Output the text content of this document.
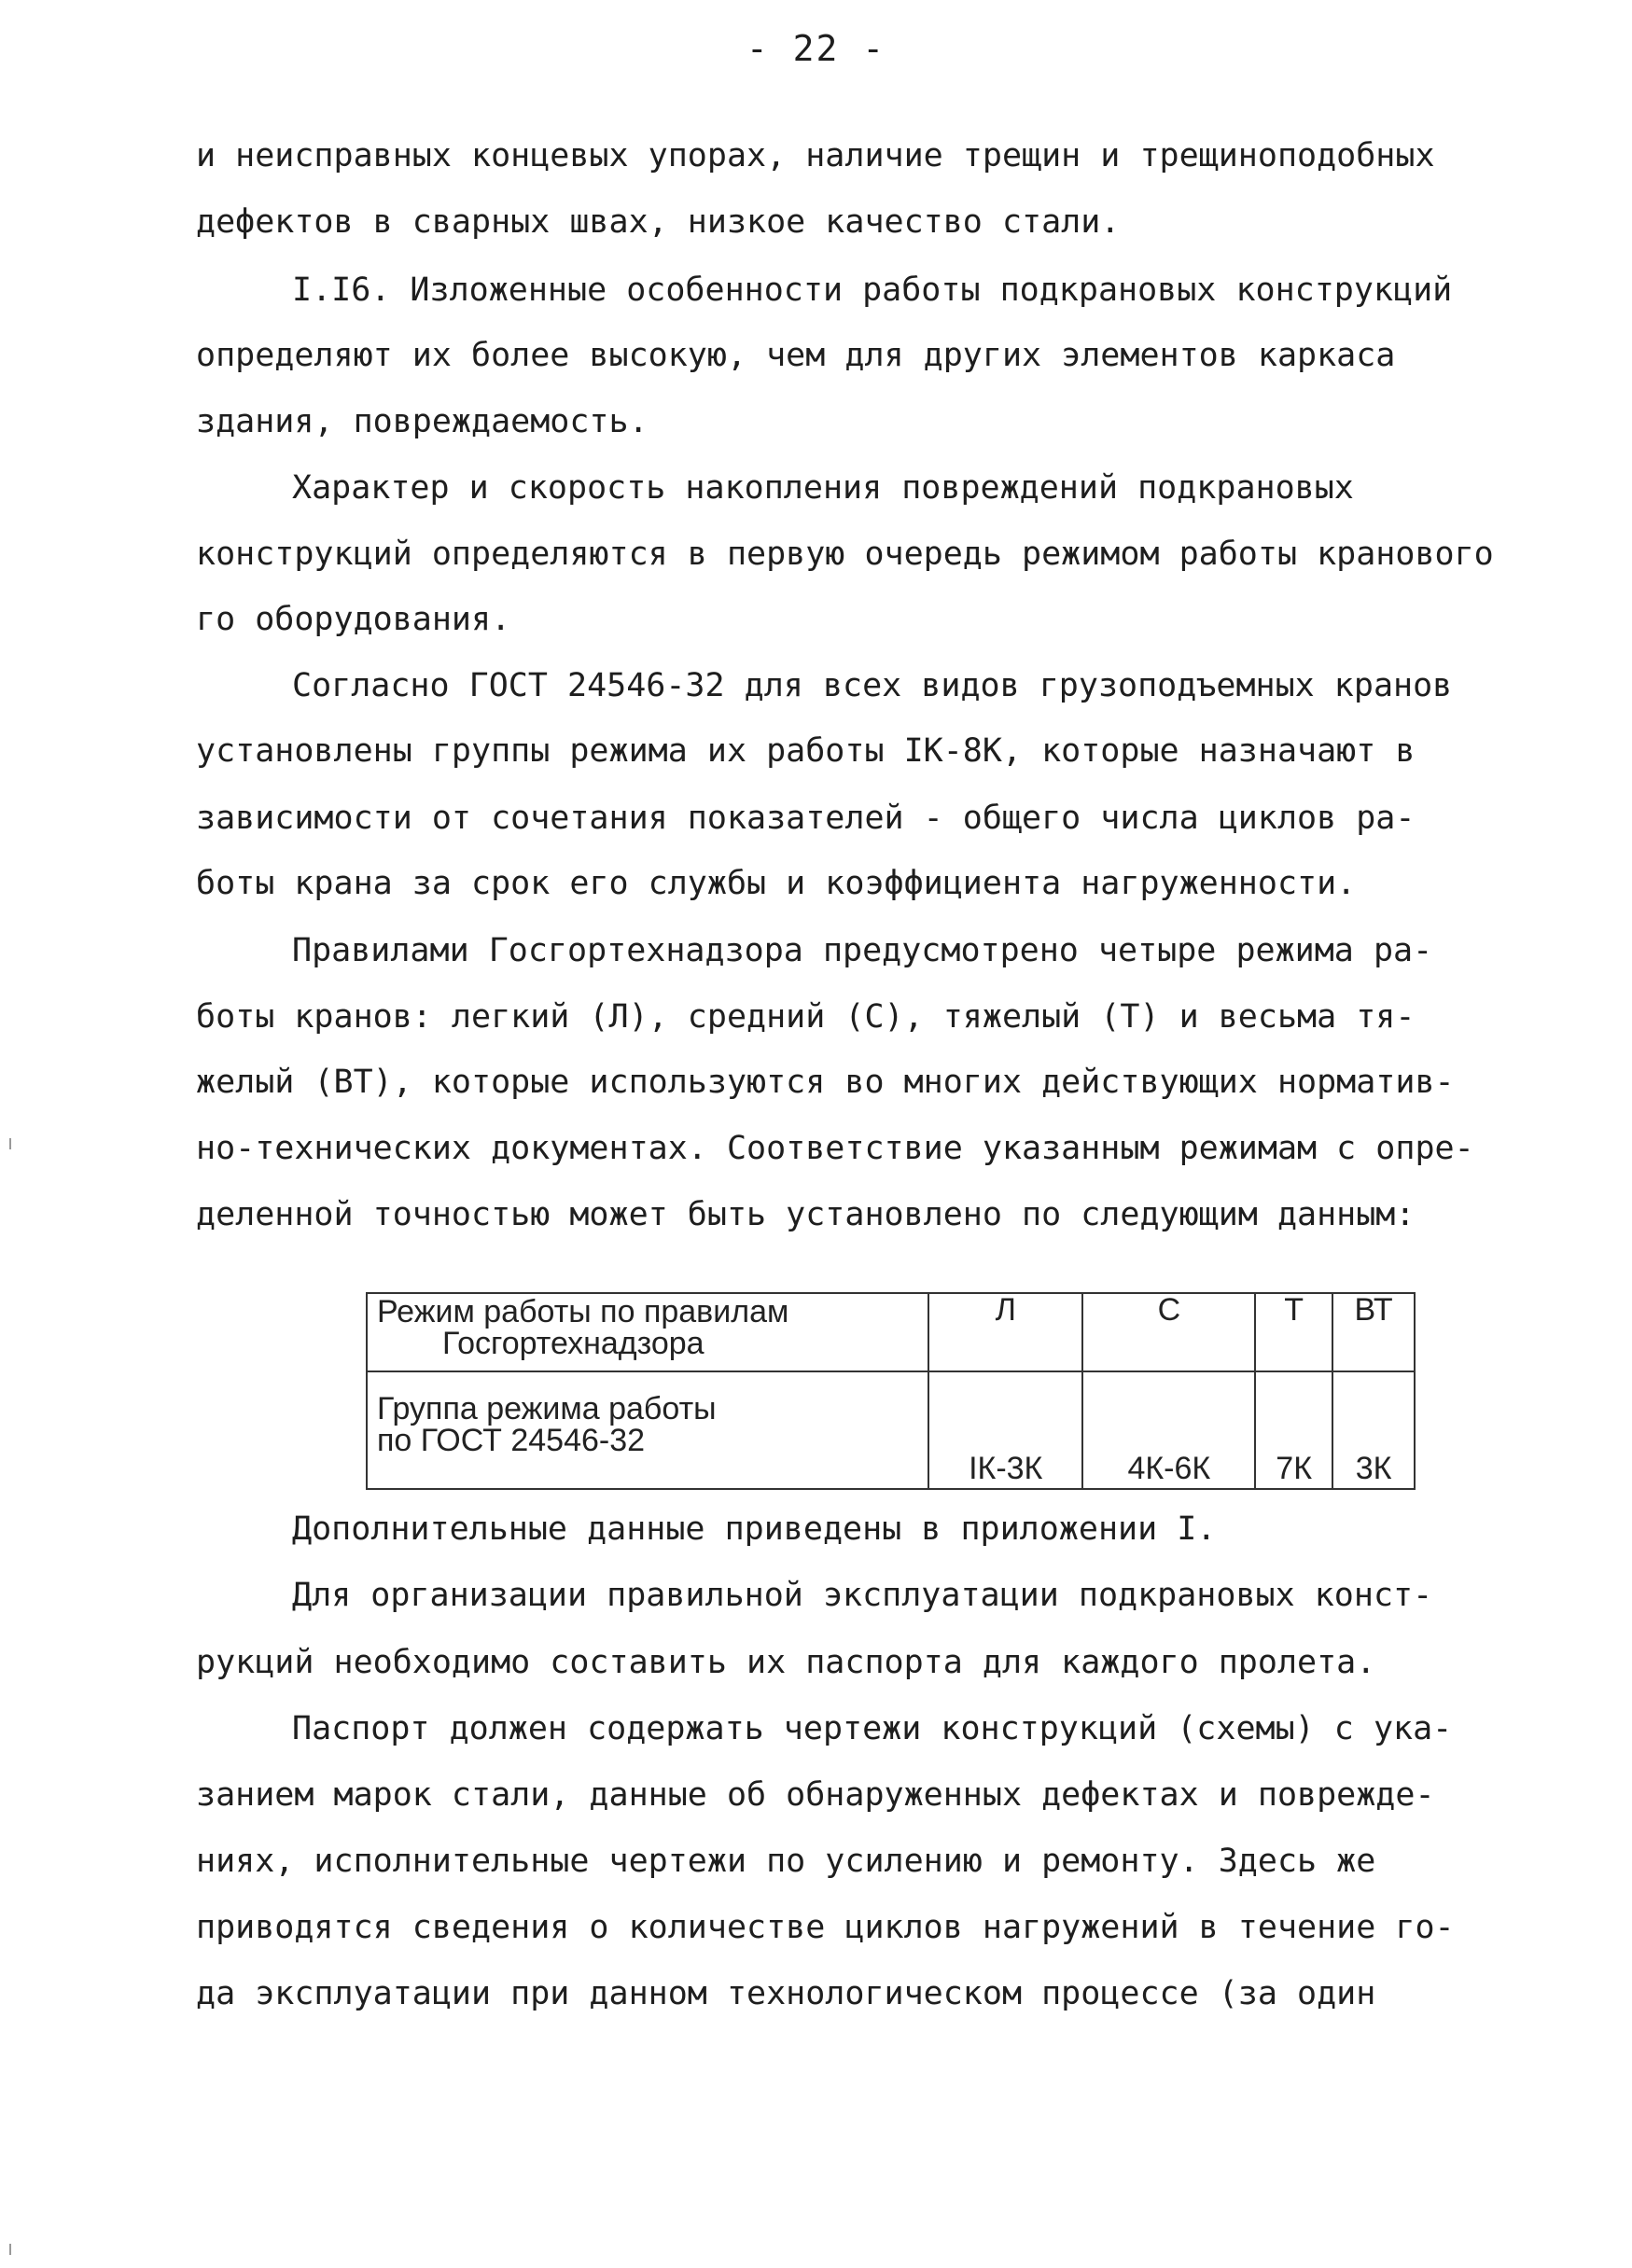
- 22 -
и неисправных концевых упорах, наличие трещин и трещиноподобных
дефектов в сварных швах, низкое качество стали.
I.I6. Изложенные особенности работы подкрановых конструкций
определяют их более высокую, чем для других элементов каркаса
здания, повреждаемость.
Характер и скорость накопления повреждений подкрановых
конструкций определяются в первую очередь режимом работы кранового
го оборудования.
Согласно ГОСТ 24546-32 для всех видов грузоподъемных кранов
установлены группы режима их работы IК-8К, которые назначают в
зависимости от сочетания показателей - общего числа циклов ра-
боты крана за срок его службы и коэффициента нагруженности.
Правилами Госгортехнадзора предусмотрено четыре режима ра-
боты кранов: легкий (Л), средний (С), тяжелый (Т) и весьма тя-
желый (ВТ), которые используются во многих действующих норматив-
но-технических документах. Соответствие указанным режимам с опре-
деленной точностью может быть установлено по следующим данным:
Режим работы по правилам
Госгортехнадзора	Л	С	Т	ВТ

Группа режима работы
по ГОСТ 24546-32	IК-3К	4К-6К	7К	3К
Дополнительные данные приведены в приложении I.
Для организации правильной эксплуатации подкрановых конст-
рукций необходимо составить их паспорта для каждого пролета.
Паспорт должен содержать чертежи конструкций (схемы) с ука-
занием марок стали, данные об обнаруженных дефектах и поврежде-
ниях, исполнительные чертежи по усилению и ремонту. Здесь же
приводятся сведения о количестве циклов нагружений в течение го-
да эксплуатации при данном технологическом процессе (за один
